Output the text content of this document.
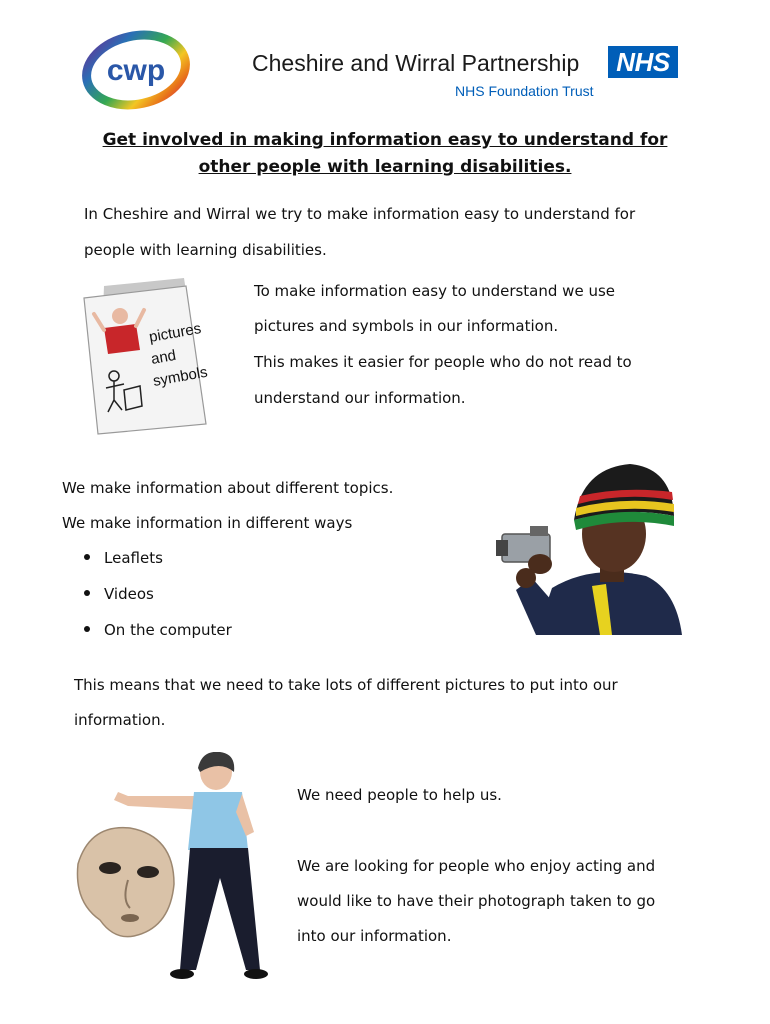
cwp	Cheshire and Wirral Partnership	NHS
NHS Foundation Trust
Get involved in making information easy to understand for
other people with learning disabilities.
In Cheshire and Wirral we try to make information easy to understand for
people with learning disabilities.
pictures
and
symbols
To make information easy to understand we use
pictures and symbols in our information.
This makes it easier for people who do not read to
understand our information.
We make information about different topics.
We make information in different ways
Leaflets
Videos
On the computer
This means that we need to take lots of different pictures to put into our
information.
We need people to help us.
We are looking for people who enjoy acting and
would like to have their photograph taken to go
into our information.
